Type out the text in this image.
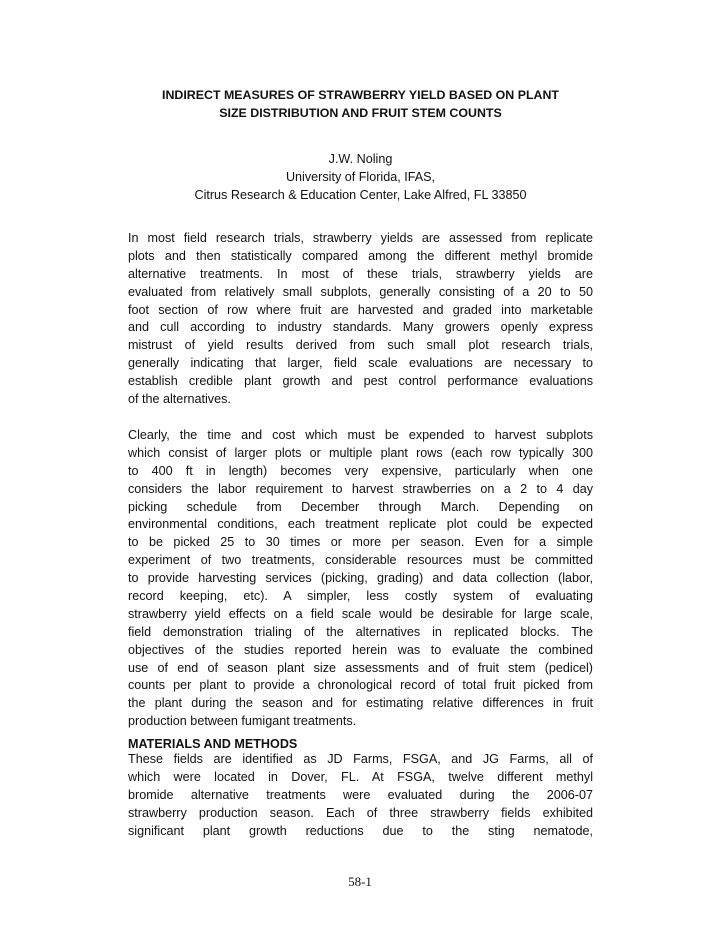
INDIRECT MEASURES OF STRAWBERRY YIELD BASED ON PLANT
SIZE DISTRIBUTION AND FRUIT STEM COUNTS
J.W. Noling
University of Florida, IFAS,
Citrus Research & Education Center, Lake Alfred, FL 33850
In most field research trials, strawberry yields are assessed from replicate
plots and then statistically compared among the different methyl bromide
alternative treatments. In most of these trials, strawberry yields are
evaluated from relatively small subplots, generally consisting of a 20 to 50
foot section of row where fruit are harvested and graded into marketable
and cull according to industry standards. Many growers openly express
mistrust of yield results derived from such small plot research trials,
generally indicating that larger, field scale evaluations are necessary to
establish credible plant growth and pest control performance evaluations
of the alternatives.
Clearly, the time and cost which must be expended to harvest subplots
which consist of larger plots or multiple plant rows (each row typically 300
to 400 ft in length) becomes very expensive, particularly when one
considers the labor requirement to harvest strawberries on a 2 to 4 day
picking schedule from December through March. Depending on
environmental conditions, each treatment replicate plot could be expected
to be picked 25 to 30 times or more per season. Even for a simple
experiment of two treatments, considerable resources must be committed
to provide harvesting services (picking, grading) and data collection (labor,
record keeping, etc). A simpler, less costly system of evaluating
strawberry yield effects on a field scale would be desirable for large scale,
field demonstration trialing of the alternatives in replicated blocks. The
objectives of the studies reported herein was to evaluate the combined
use of end of season plant size assessments and of fruit stem (pedicel)
counts per plant to provide a chronological record of total fruit picked from
the plant during the season and for estimating relative differences in fruit
production between fumigant treatments.
MATERIALS AND METHODS
These fields are identified as JD Farms, FSGA, and JG Farms, all of
which were located in Dover, FL. At FSGA, twelve different methyl
bromide alternative treatments were evaluated during the 2006-07
strawberry production season. Each of three strawberry fields exhibited
significant plant growth reductions due to the sting nematode,
58-1
